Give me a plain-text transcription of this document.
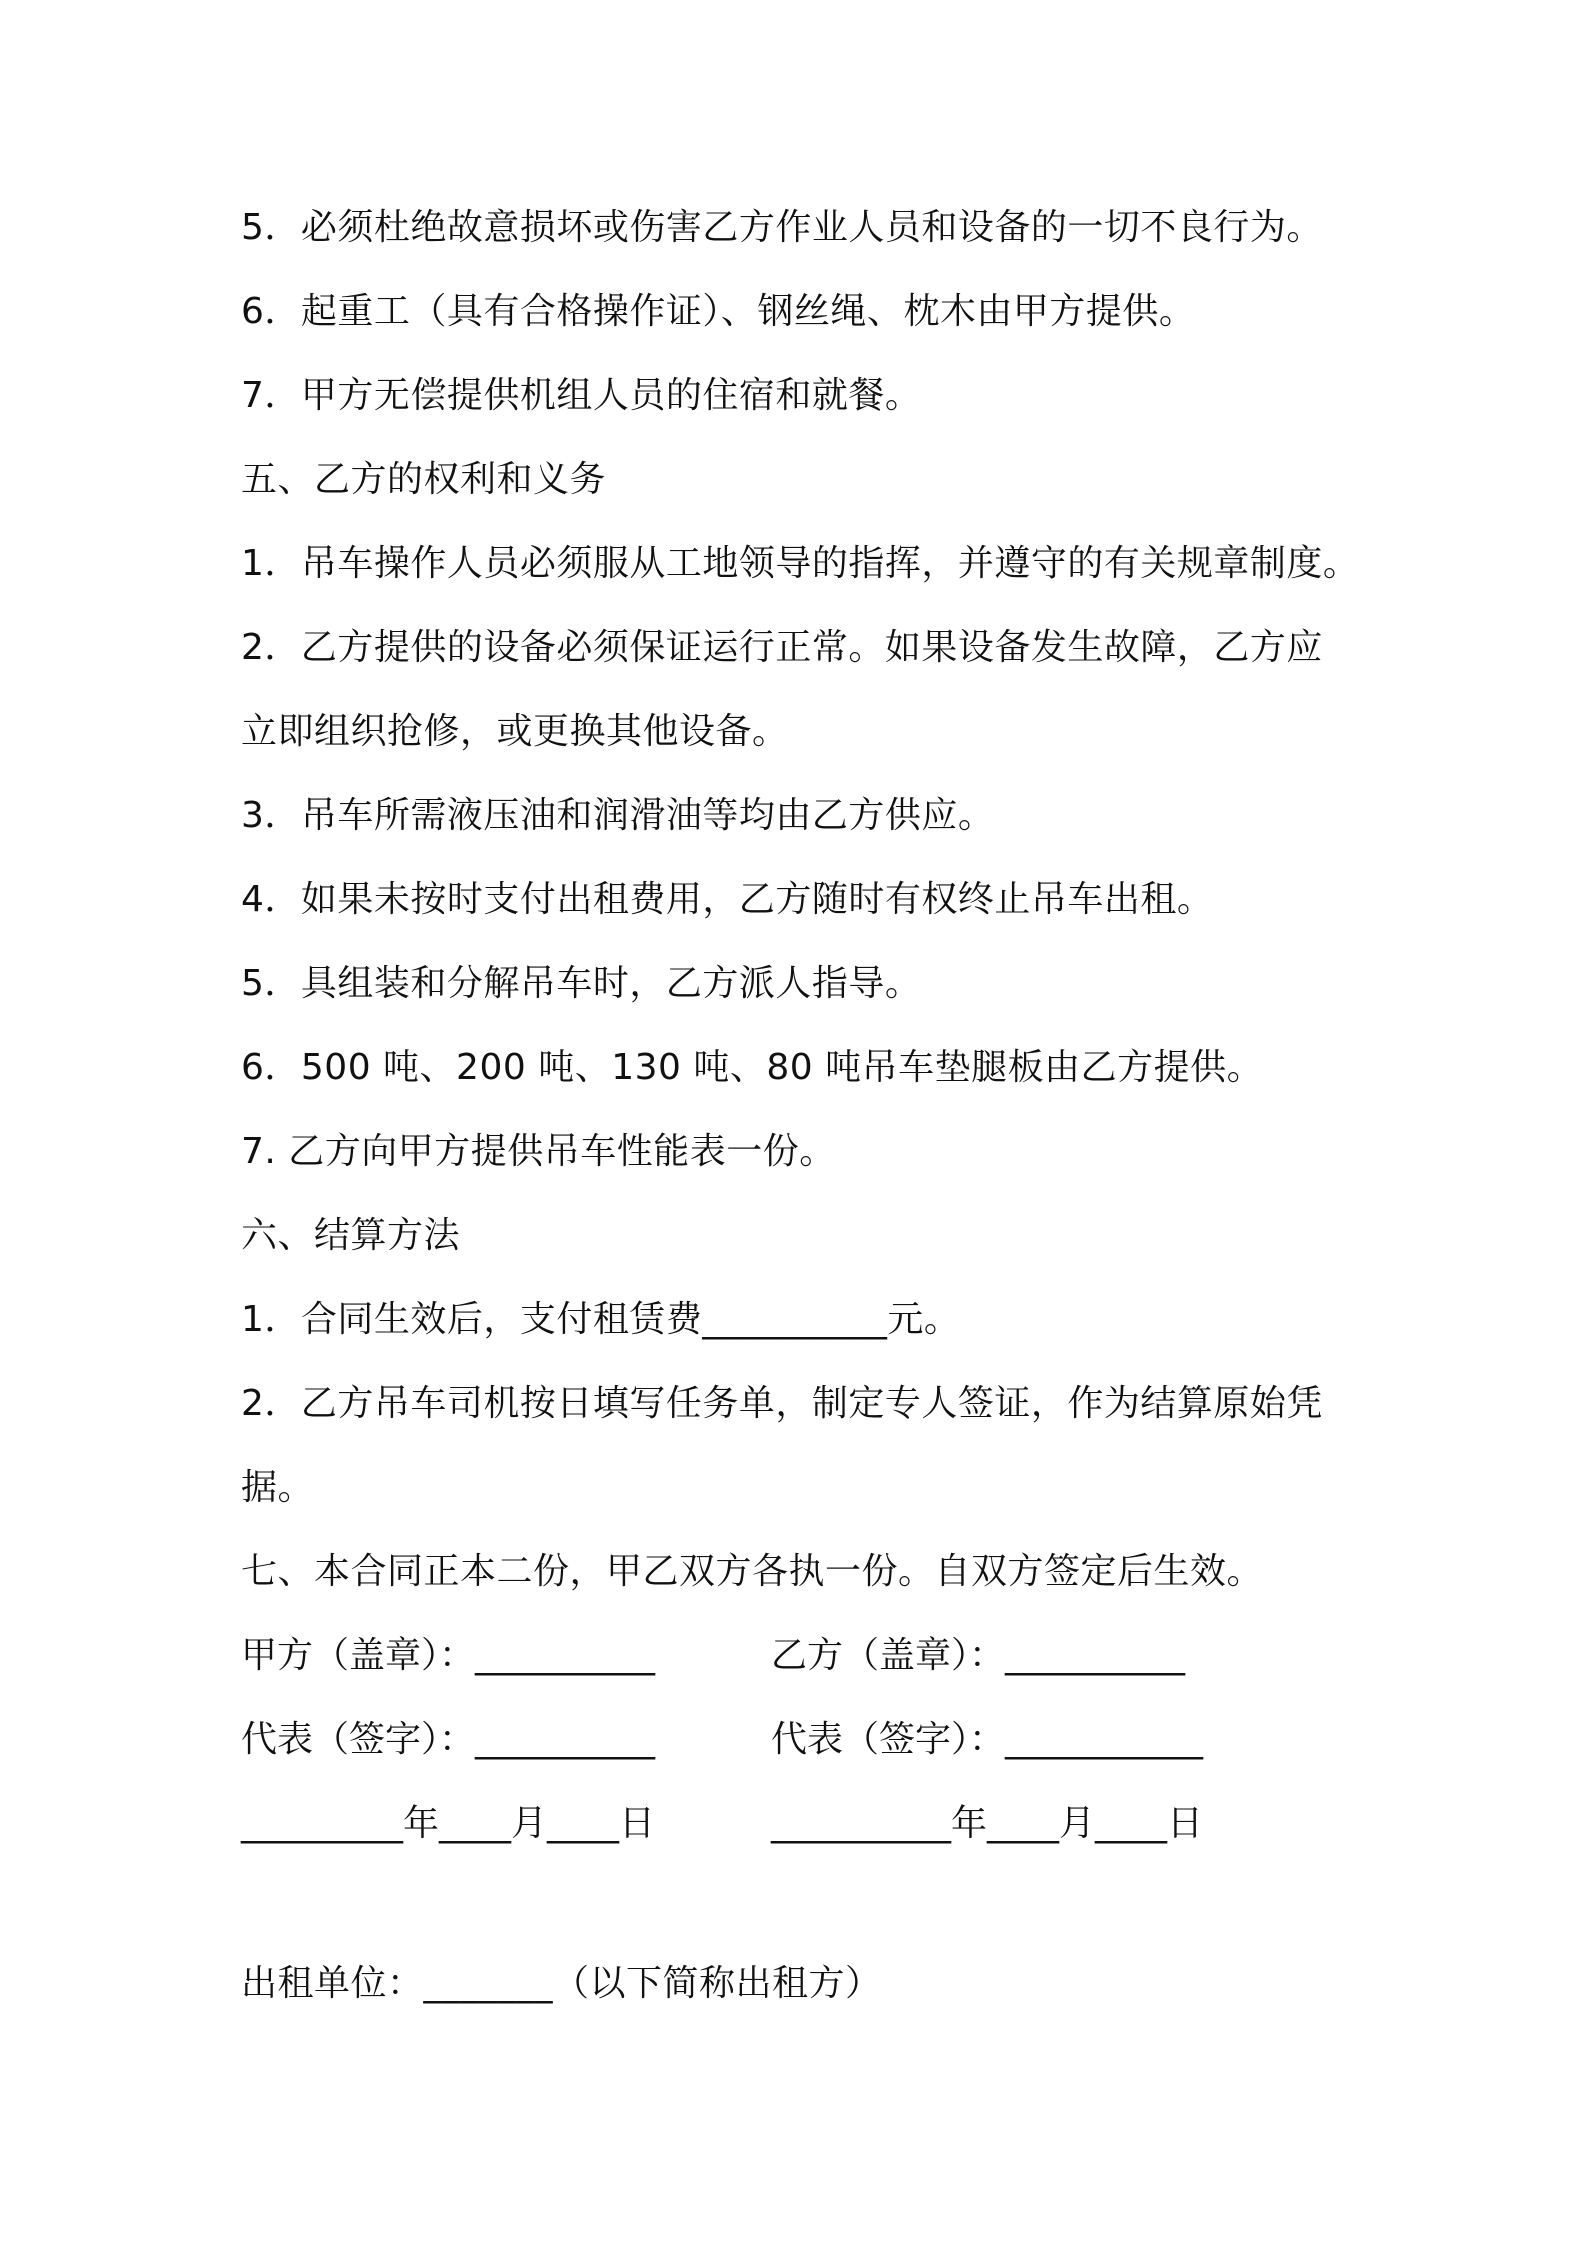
5．必须杜绝故意损坏或伤害乙方作业人员和设备的一切不良行为。
6．起重工（具有合格操作证）、钢丝绳、枕木由甲方提供。
7．甲方无偿提供机组人员的住宿和就餐。
五、乙方的权利和义务
1．吊车操作人员必须服从工地领导的指挥，并遵守的有关规章制度。
2．乙方提供的设备必须保证运行正常。如果设备发生故障，乙方应
立即组织抢修，或更换其他设备。
3．吊车所需液压油和润滑油等均由乙方供应。
4．如果未按时支付出租费用，乙方随时有权终止吊车出租。
5．具组装和分解吊车时，乙方派人指导。
6．500 吨、200 吨、130 吨、80 吨吊车垫腿板由乙方提供。
7. 乙方向甲方提供吊车性能表一份。
六、结算方法
1．合同生效后，支付租赁费__________元。
2．乙方吊车司机按日填写任务单，制定专人签证，作为结算原始凭
据。
七、本合同正本二份，甲乙双方各执一份。自双方签定后生效。
甲方（盖章）：__________	乙方（盖章）：__________
代表（签字）：__________	代表（签字）：___________
_________年____月____日	__________年____月____日
出租单位：_______（以下简称出租方）
